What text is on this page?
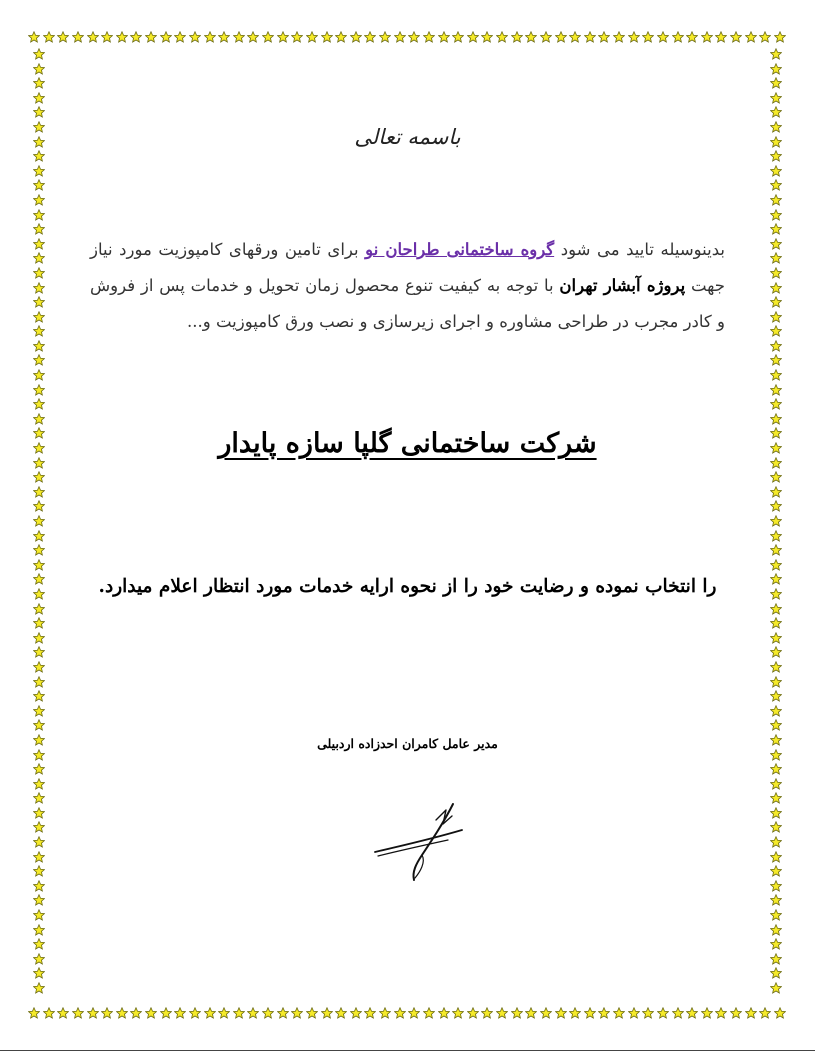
باسمه تعالی
بدینوسیله تایید می شود گروه ساختمانی طراحان نو برای تامین ورقهای کامپوزیت مورد نیاز جهت پروژه آبشار تهران با توجه به کیفیت تنوع محصول زمان تحویل و خدمات پس از فروش و کادر مجرب در طراحی مشاوره و اجرای زیرسازی و نصب ورق کامپوزیت و...
شرکت ساختمانی گلپا سازه پایدار
را انتخاب نموده و رضایت خود را از نحوه ارایه خدمات مورد انتظار اعلام میدارد.
مدیر عامل کامران احدزاده اردبیلی
